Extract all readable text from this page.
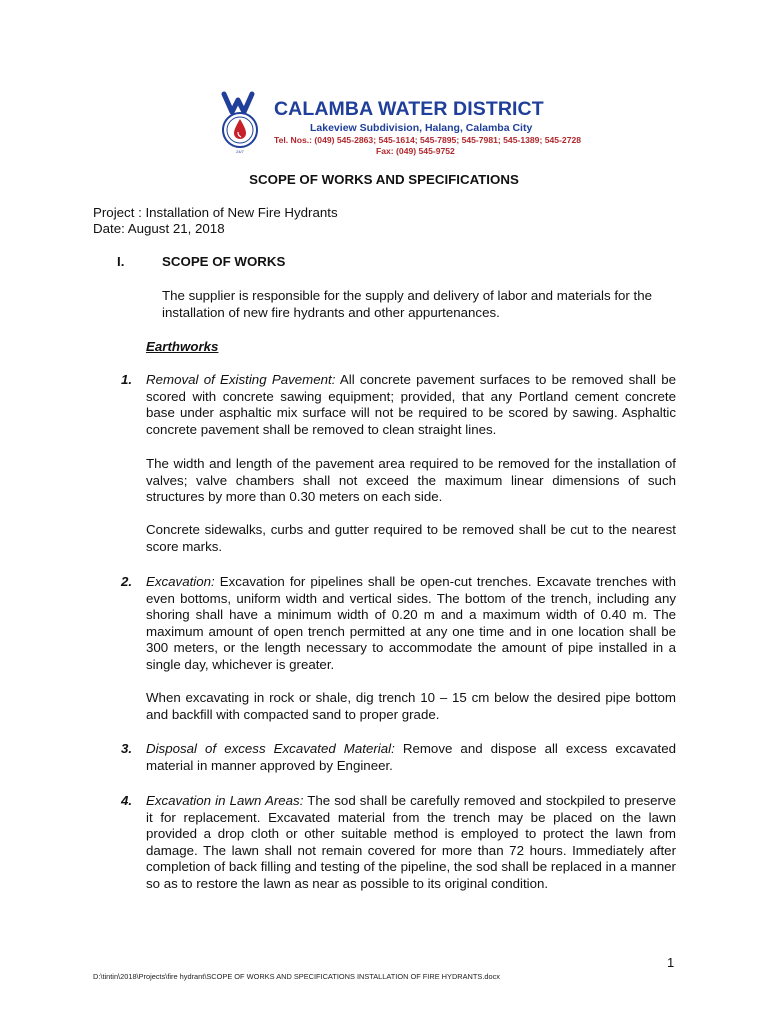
24/7
CALAMBA WATER DISTRICT
Lakeview Subdivision, Halang, Calamba City
Tel. Nos.: (049) 545-2863; 545-1614; 545-7895; 545-7981; 545-1389; 545-2728
Fax: (049) 545-9752
SCOPE OF WORKS AND SPECIFICATIONS
Project : Installation of New Fire Hydrants
Date: August 21, 2018
I.	SCOPE OF WORKS
The supplier is responsible for the supply and delivery of labor and materials for the installation of new fire hydrants and other appurtenances.
Earthworks
1. Removal of Existing Pavement: All concrete pavement surfaces to be removed shall be scored with concrete sawing equipment; provided, that any Portland cement concrete base under asphaltic mix surface will not be required to be scored by sawing. Asphaltic concrete pavement shall be removed to clean straight lines.
The width and length of the pavement area required to be removed for the installation of valves; valve chambers shall not exceed the maximum linear dimensions of such structures by more than 0.30 meters on each side.
Concrete sidewalks, curbs and gutter required to be removed shall be cut to the nearest score marks.
2. Excavation: Excavation for pipelines shall be open-cut trenches. Excavate trenches with even bottoms, uniform width and vertical sides. The bottom of the trench, including any shoring shall have a minimum width of 0.20 m and a maximum width of 0.40 m. The maximum amount of open trench permitted at any one time and in one location shall be 300 meters, or the length necessary to accommodate the amount of pipe installed in a single day, whichever is greater.
When excavating in rock or shale, dig trench 10 – 15 cm below the desired pipe bottom and backfill with compacted sand to proper grade.
3. Disposal of excess Excavated Material: Remove and dispose all excess excavated material in manner approved by Engineer.
4. Excavation in Lawn Areas: The sod shall be carefully removed and stockpiled to preserve it for replacement. Excavated material from the trench may be placed on the lawn provided a drop cloth or other suitable method is employed to protect the lawn from damage. The lawn shall not remain covered for more than 72 hours. Immediately after completion of back filling and testing of the pipeline, the sod shall be replaced in a manner so as to restore the lawn as near as possible to its original condition.
1
D:\tintin\2018\Projects\fire hydrant\SCOPE OF WORKS AND SPECIFICATIONS INSTALLATION OF FIRE HYDRANTS.docx
